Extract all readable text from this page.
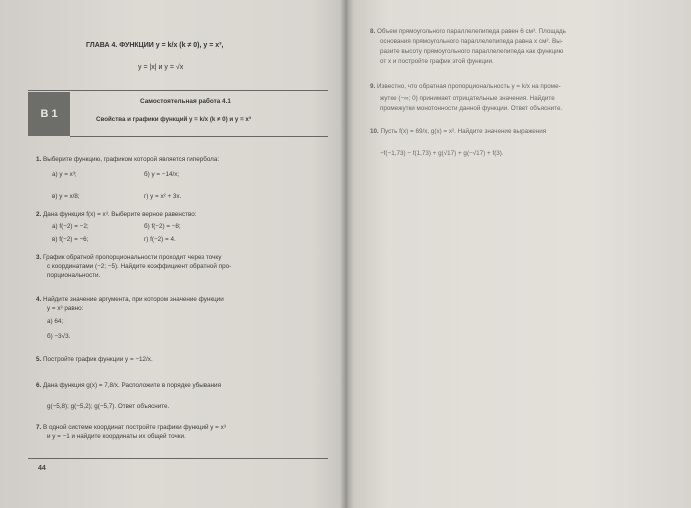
ГЛАВА 4. ФУНКЦИИ y = k/x (k ≠ 0), y = x³,
y = |x| и y = √x
В 1
Самостоятельная работа 4.1
Свойства и графики функций y = k/x (k ≠ 0) и y = x³
1. Выберите функцию, графиком которой является гипербола:
а) y = x³;	б) y = −14/x;
в) y = x/8;	г) y = x² + 3x.
2. Дана функция f(x) = x³. Выберите верное равенство:
а) f(−2) = −2;	б) f(−2) = −8;
в) f(−2) = −6;	г) f(−2) = 4.
3. График обратной пропорциональности проходит через точку
с координатами (−2; −5). Найдите коэффициент обратной про-
порциональности.
4. Найдите значение аргумента, при котором значение функции
y = x³ равно:
а) 64;
б) −3√3.
5. Постройте график функции y = −12/x.
6. Дана функция g(x) = 7,8/x. Расположите в порядке убывания
g(−5,8); g(−5,2); g(−5,7). Ответ объясните.
7. В одной системе координат постройте графики функций y = x³
и y = −1 и найдите координаты их общей точки.
44
8. Объем прямоугольного параллелепипеда равен 6 см³. Площадь
основания прямоугольного параллелепипеда равна x см². Вы-
разите высоту прямоугольного параллелепипеда как функцию
от x и постройте график этой функции.
9. Известно, что обратная пропорциональность y = k/x на проме-
жутке (−∞; 0) принимает отрицательные значения. Найдите
промежутки монотонности данной функции. Ответ объясните.
10. Пусть f(x) = 69/x, g(x) = x². Найдите значение выражения
−f(−1,73) − f(1,73) + g(√17) + g(−√17) + f(3).
